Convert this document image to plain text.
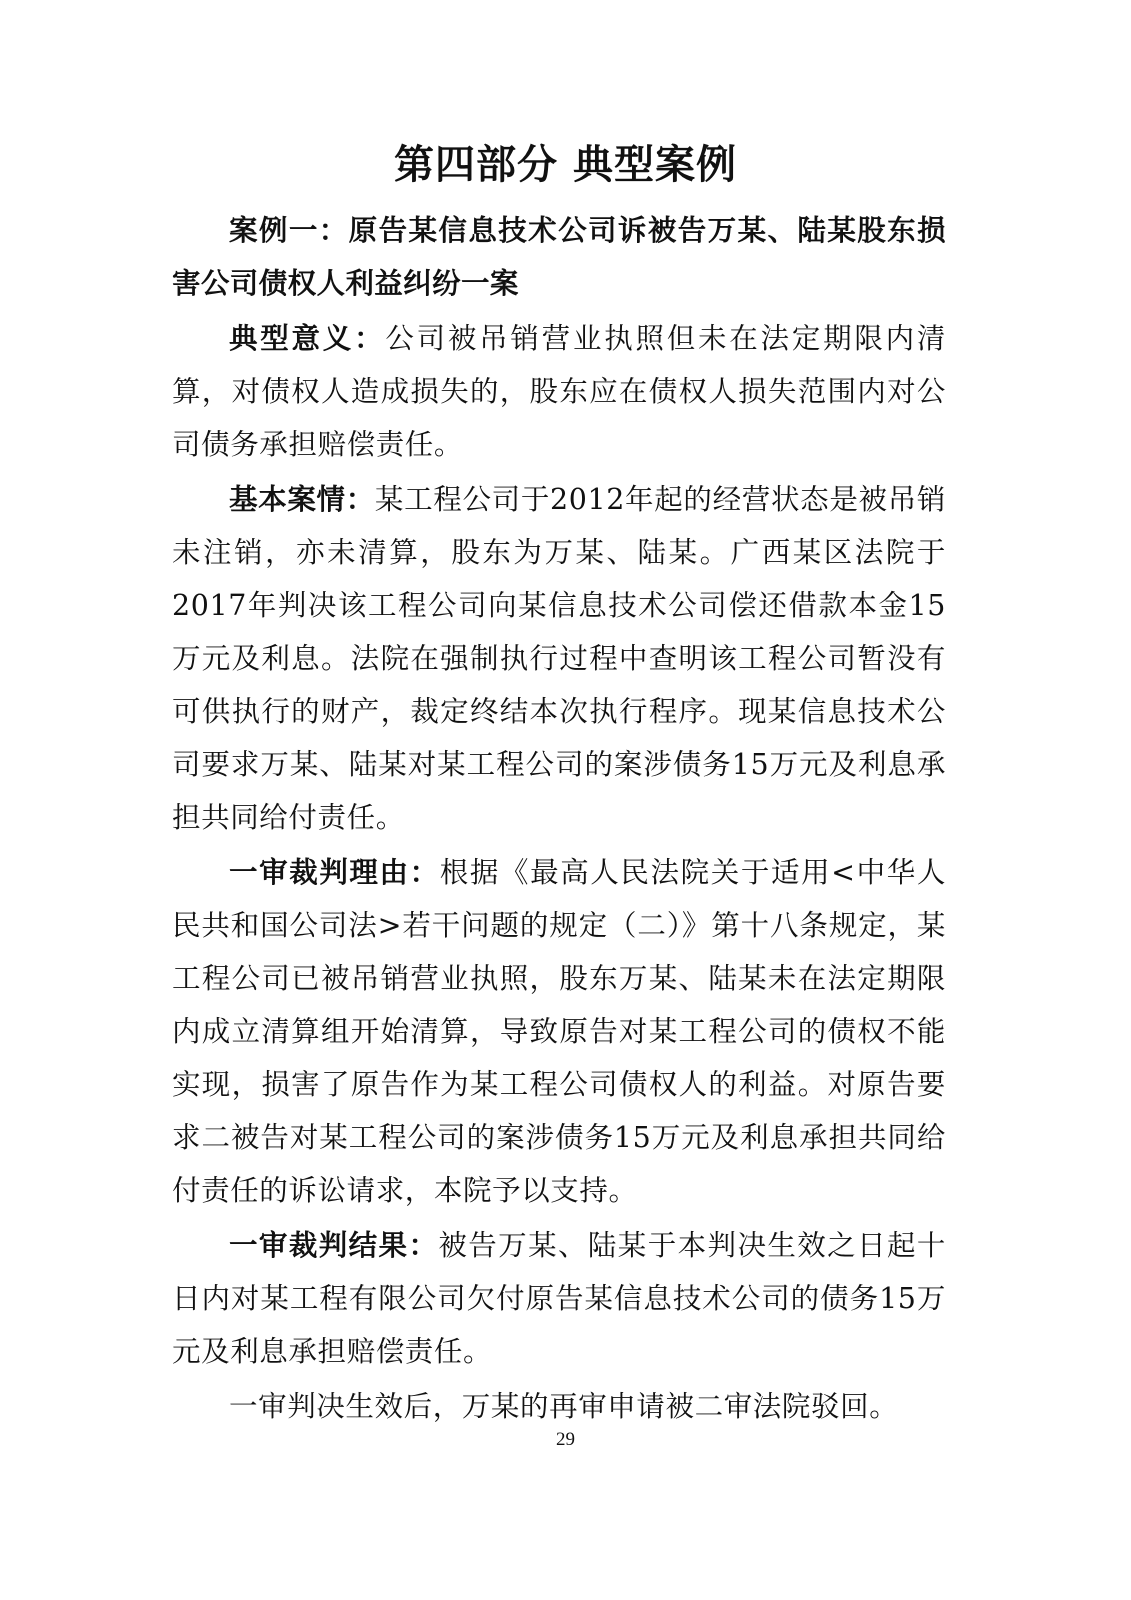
第四部分 典型案例

案例一：原告某信息技术公司诉被告万某、陆某股东损害公司债权人利益纠纷一案

典型意义：公司被吊销营业执照但未在法定期限内清算，对债权人造成损失的，股东应在债权人损失范围内对公司债务承担赔偿责任。

基本案情：某工程公司于2012年起的经营状态是被吊销未注销，亦未清算，股东为万某、陆某。广西某区法院于2017年判决该工程公司向某信息技术公司偿还借款本金15万元及利息。法院在强制执行过程中查明该工程公司暂没有可供执行的财产，裁定终结本次执行程序。现某信息技术公司要求万某、陆某对某工程公司的案涉债务15万元及利息承担共同给付责任。

一审裁判理由：根据《最高人民法院关于适用<中华人民共和国公司法>若干问题的规定（二）》第十八条规定，某工程公司已被吊销营业执照，股东万某、陆某未在法定期限内成立清算组开始清算，导致原告对某工程公司的债权不能实现，损害了原告作为某工程公司债权人的利益。对原告要求二被告对某工程公司的案涉债务15万元及利息承担共同给付责任的诉讼请求，本院予以支持。

一审裁判结果：被告万某、陆某于本判决生效之日起十日内对某工程有限公司欠付原告某信息技术公司的债务15万元及利息承担赔偿责任。

一审判决生效后，万某的再审申请被二审法院驳回。

29
